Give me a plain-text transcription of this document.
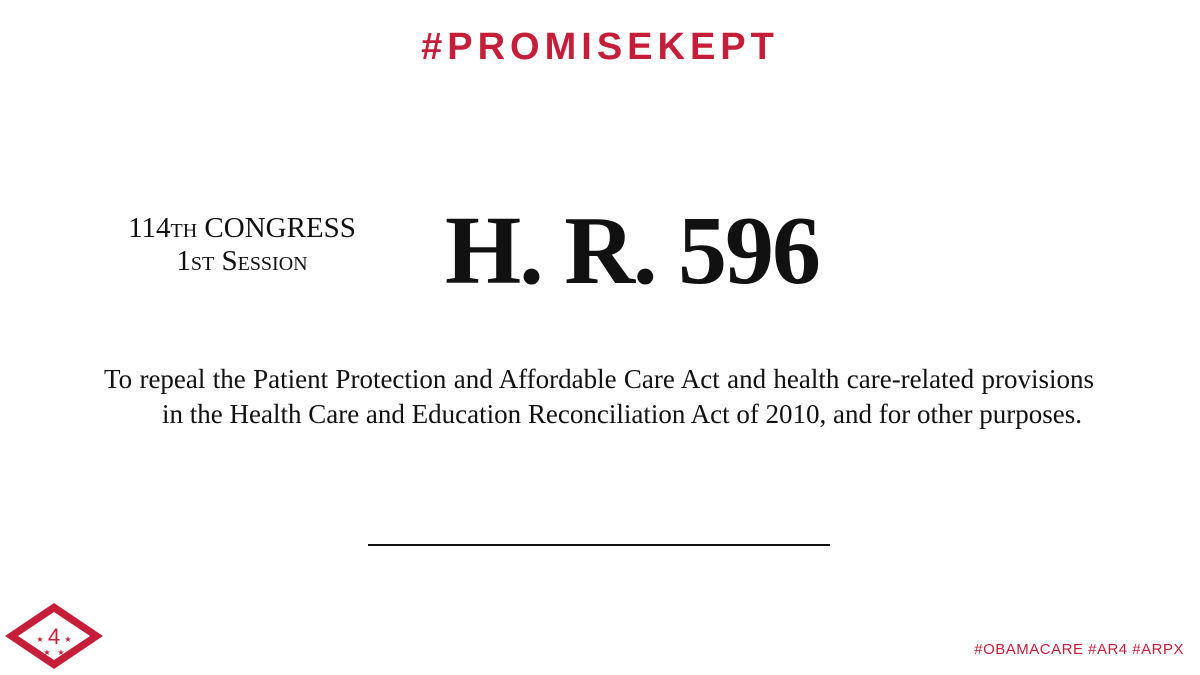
#PROMISEKEPT
114th CONGRESS
1st Session	H. R. 596
To repeal the Patient Protection and Affordable Care Act and health care-related provisions in the Health Care and Education Reconciliation Act of 2010, and for other purposes.
4
★	★
★ ★	#OBAMACARE #AR4 #ARPX
